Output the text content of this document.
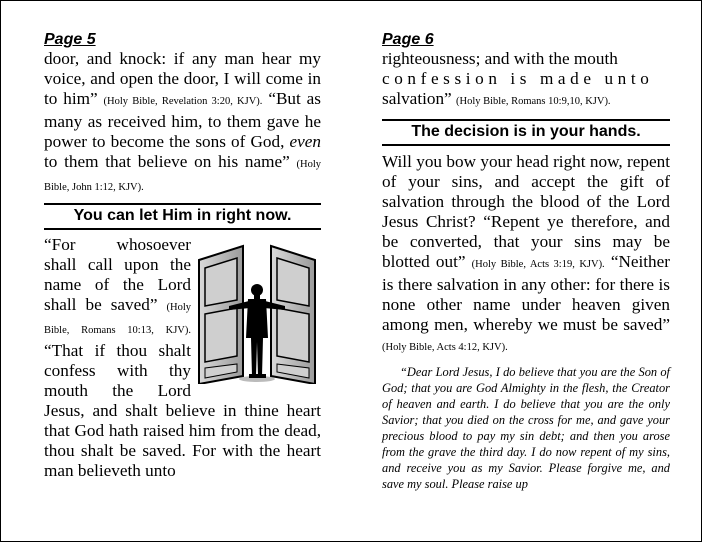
Page 5

door, and knock: if any man hear my voice, and open the door, I will come in to him” (Holy Bible, Revelation 3:20, KJV). “But as many as received him, to them gave he power to become the sons of God, even to them that believe on his name” (Holy Bible, John 1:12, KJV).

You can let Him in right now.

“For whosoever shall call upon the name of the Lord shall be saved” (Holy Bible, Romans 10:13, KJV). “That if thou shalt confess with thy mouth the Lord Jesus, and shalt believe in thine heart that God hath raised him from the dead, thou shalt be saved. For with the heart man believeth unto

Page 6

righteousness; and with the mouth
confession is made unto
salvation” (Holy Bible, Romans 10:9,10, KJV).

The decision is in your hands.

Will you bow your head right now, repent of your sins, and accept the gift of salvation through the blood of the Lord Jesus Christ? “Repent ye therefore, and be converted, that your sins may be blotted out” (Holy Bible, Acts 3:19, KJV). “Neither is there salvation in any other: for there is none other name under heaven given among men, whereby we must be saved” (Holy Bible, Acts 4:12, KJV).

“Dear Lord Jesus, I do believe that you are the Son of God; that you are God Almighty in the flesh, the Creator of heaven and earth. I do believe that you are the only Savior; that you died on the cross for me, and gave your precious blood to pay my sin debt; and then you arose from the grave the third day. I do now repent of my sins, and receive you as my Savior. Please forgive me, and save my soul. Please raise up
